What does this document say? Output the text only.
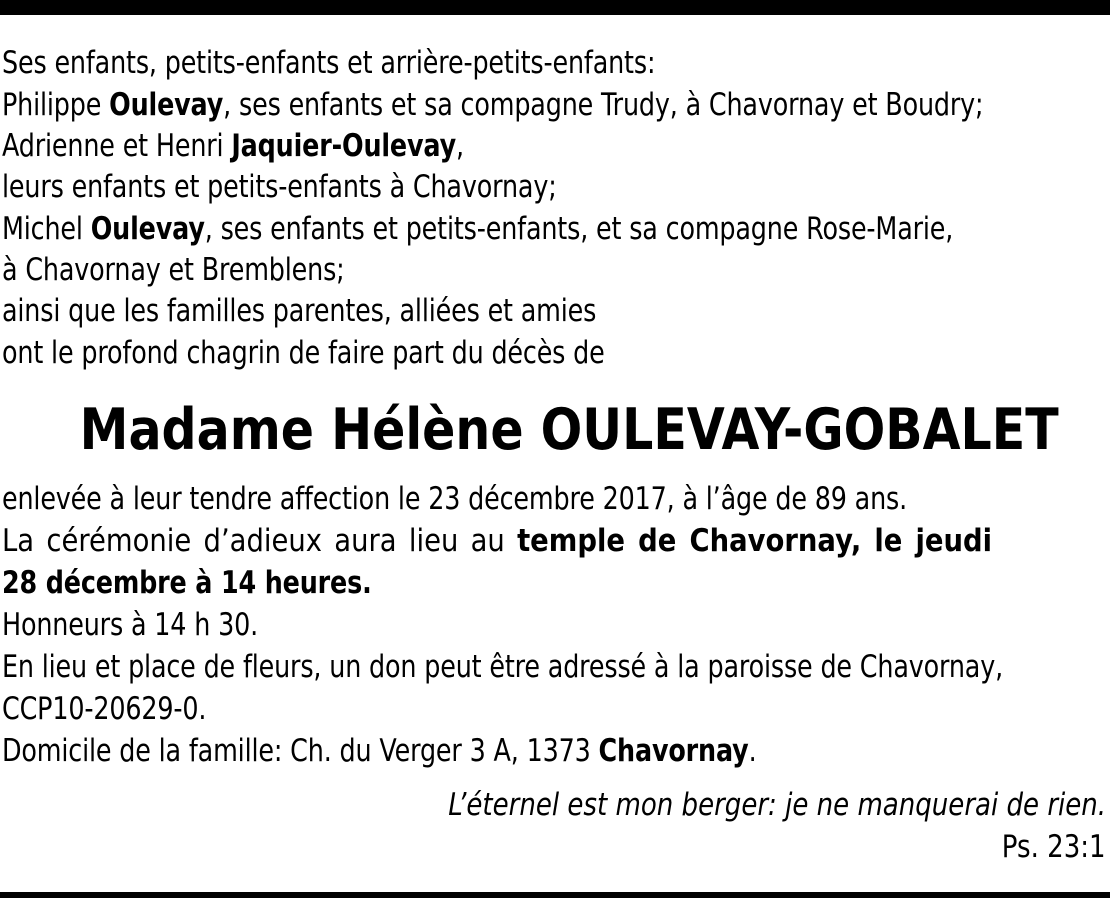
Ses enfants, petits-enfants et arrière-petits-enfants:
Philippe Oulevay, ses enfants et sa compagne Trudy, à Chavornay et Boudry;
Adrienne et Henri Jaquier-Oulevay,
leurs enfants et petits-enfants à Chavornay;
Michel Oulevay, ses enfants et petits-enfants, et sa compagne Rose-Marie,
à Chavornay et Bremblens;
ainsi que les familles parentes, alliées et amies
ont le profond chagrin de faire part du décès de
Madame Hélène OULEVAY-GOBALET
enlevée à leur tendre affection le 23 décembre 2017, à l’âge de 89 ans.
La cérémonie d’adieux aura lieu au temple de Chavornay, le jeudi
28 décembre à 14 heures.
Honneurs à 14 h 30.
En lieu et place de fleurs, un don peut être adressé à la paroisse de Chavornay,
CCP10-20629-0.
Domicile de la famille: Ch. du Verger 3 A, 1373 Chavornay.
L’éternel est mon berger: je ne manquerai de rien.
Ps. 23:1
